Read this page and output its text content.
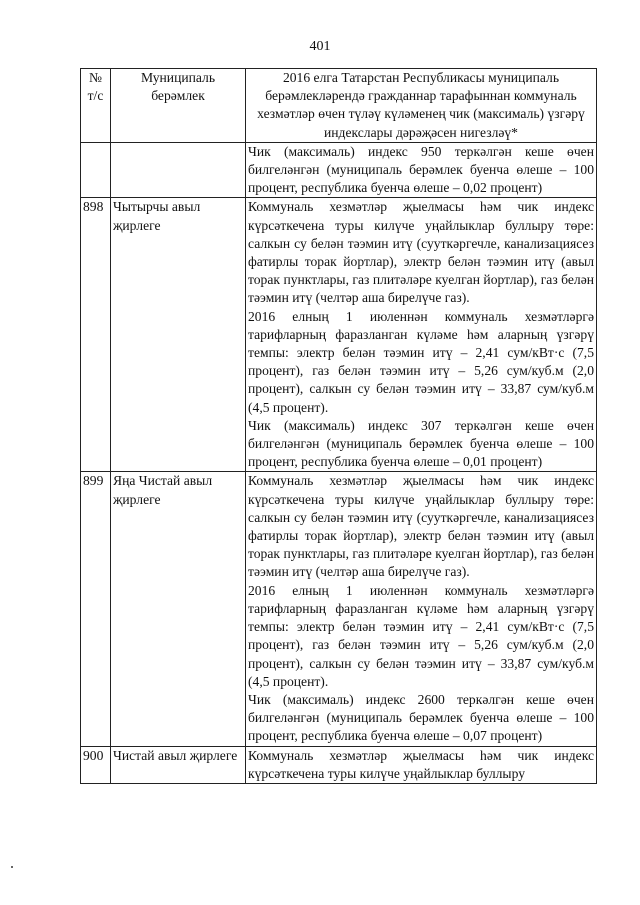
401
№ т/с	Муниципаль берәмлек	2016 елга Татарстан Республикасы муниципаль берәмлекләрендә гражданнар тарафыннан коммуналь хезмәтләр өчен түләү күләменең чик (максималь) үзгәрү индекслары дәрәҗәсен нигезләү*

		Чик (максималь) индекс 950 теркәлгән кеше өчен билгеләнгән (муниципаль берәмлек буенча өлеше – 100 процент, республика буенча өлеше – 0,02 процент)

898	Чытырчы авыл җирлеге	Коммуналь хезмәтләр җыелмасы һәм чик индекс күрсәткечена туры килүче уңайлыклар буллыру төре: салкын су белән тәэмин итү (сууткәргечле, канализациясез фатирлы торак йортлар), электр белән тәэмин итү (авыл торак пунктлары, газ плитәләре куелган йортлар), газ белән тәэмин итү (челтәр аша бирелүче газ).

2016 елның 1 июленнән коммуналь хезмәтләргә тарифларның фаразланган күләме һәм аларның үзгәрү темпы: электр белән тәэмин итү – 2,41 сум/кВт·с (7,5 процент), газ белән тәэмин итү – 5,26 сум/куб.м (2,0 процент), салкын су белән тәэмин итү – 33,87 сум/куб.м (4,5 процент).

Чик (максималь) индекс 307 теркәлгән кеше өчен билгеләнгән (муниципаль берәмлек буенча өлеше – 100 процент, республика буенча өлеше – 0,01 процент)

899	Яңа Чистай авыл җирлеге	Коммуналь хезмәтләр җыелмасы һәм чик индекс күрсәткечена туры килүче уңайлыклар буллыру төре: салкын су белән тәэмин итү (сууткәргечле, канализациясез фатирлы торак йортлар), электр белән тәэмин итү (авыл торак пунктлары, газ плитәләре куелган йортлар), газ белән тәэмин итү (челтәр аша бирелүче газ).

2016 елның 1 июленнән коммуналь хезмәтләргә тарифларның фаразланган күләме һәм аларның үзгәрү темпы: электр белән тәэмин итү – 2,41 сум/кВт·с (7,5 процент), газ белән тәэмин итү – 5,26 сум/куб.м (2,0 процент), салкын су белән тәэмин итү – 33,87 сум/куб.м (4,5 процент).

Чик (максималь) индекс 2600 теркәлгән кеше өчен билгеләнгән (муниципаль берәмлек буенча өлеше – 100 процент, республика буенча өлеше – 0,07 процент)

900	Чистай авыл җирлеге	Коммуналь хезмәтләр җыелмасы һәм чик индекс күрсәткечена туры килүче уңайлыклар буллыру
